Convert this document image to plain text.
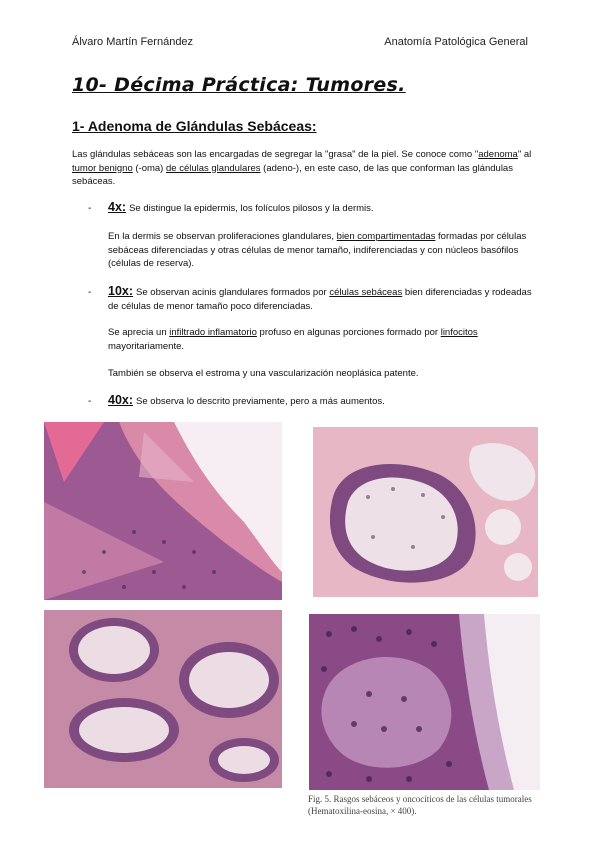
Álvaro Martín Fernández	Anatomía Patológica General
10- Décima Práctica: Tumores.
1- Adenoma de Glándulas Sebáceas:
Las glándulas sebáceas son las encargadas de segregar la "grasa" de la piel. Se conoce como "adenoma" al tumor benigno (-oma) de células glandulares (adeno-), en este caso, de las que conforman las glándulas sebáceas.
- 4x: Se distingue la epidermis, los folículos pilosos y la dermis.
En la dermis se observan proliferaciones glandulares, bien compartimentadas formadas por células sebáceas diferenciadas y otras células de menor tamaño, indiferenciadas y con núcleos basófilos (células de reserva).
- 10x: Se observan acinis glandulares formados por células sebáceas bien diferenciadas y rodeadas de células de menor tamaño poco diferenciadas.
Se aprecia un infiltrado inflamatorio profuso en algunas porciones formado por linfocitos mayoritariamente.
También se observa el estroma y una vascularización neoplásica patente.
- 40x: Se observa lo descrito previamente, pero a más aumentos.
Fig. 5. Rasgos sebáceos y oncocíticos de las células tumorales (Hematoxilina-eosina, × 400).
